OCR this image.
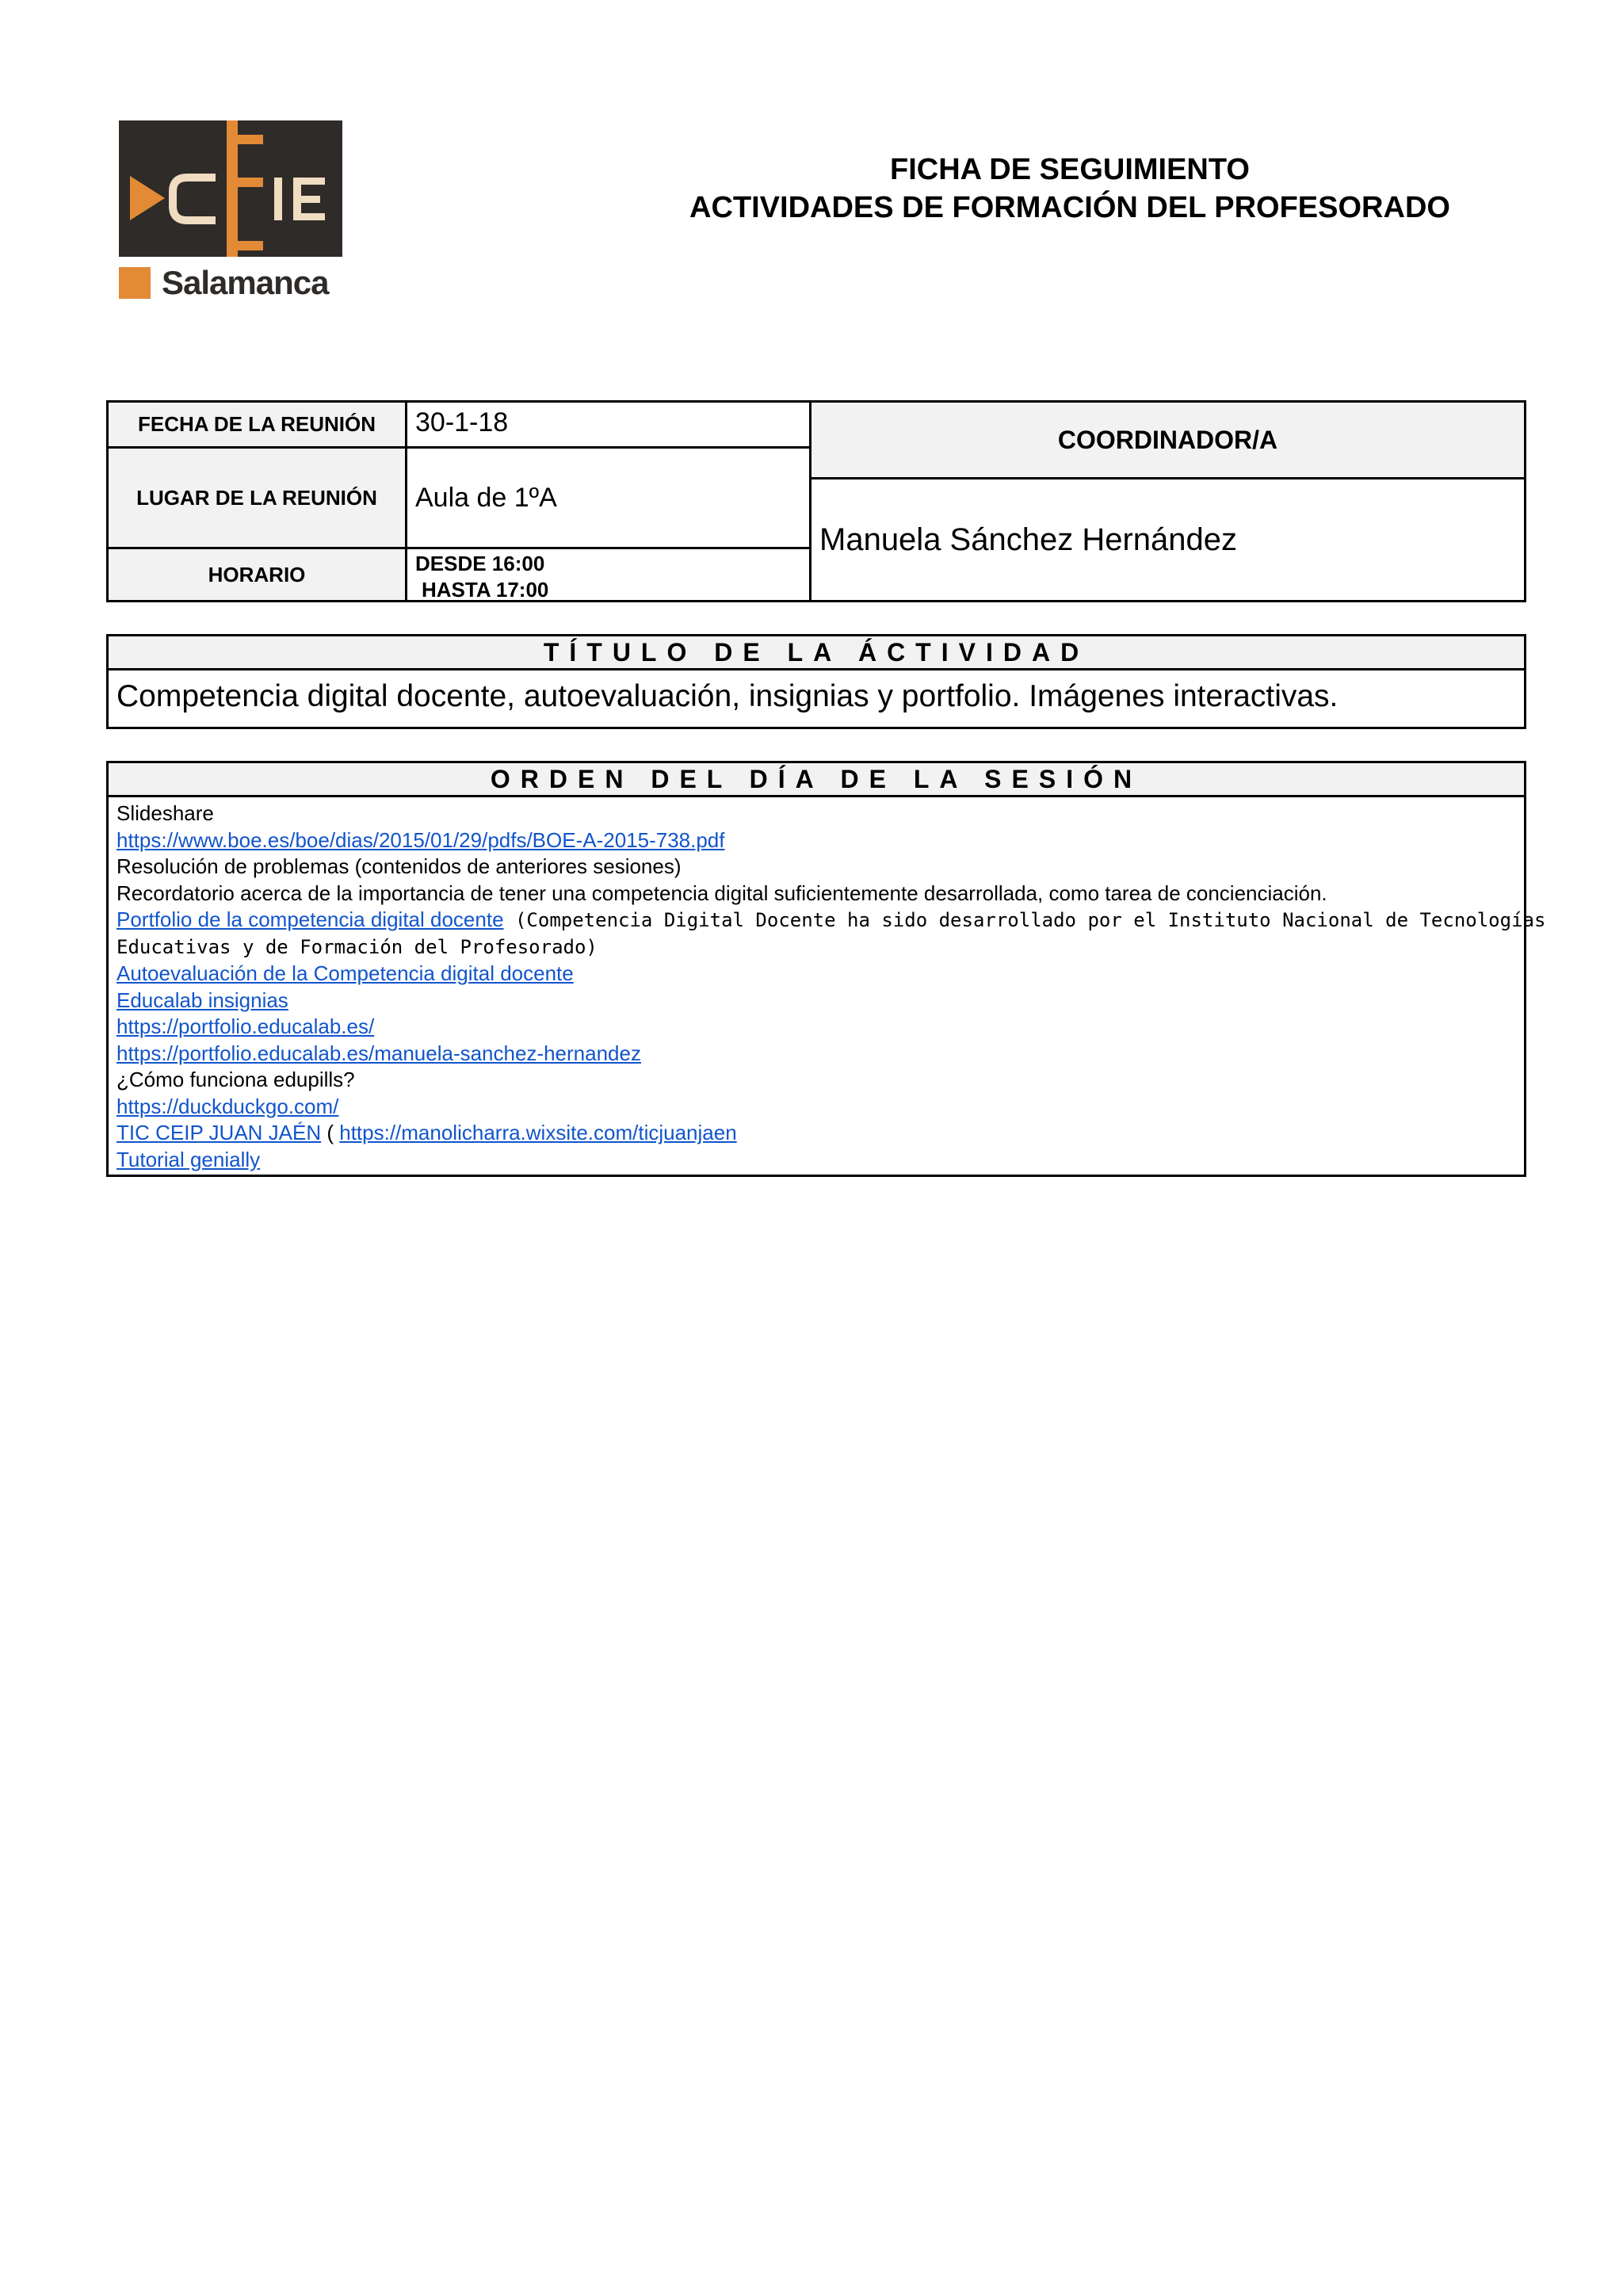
Salamanca
FICHA DE SEGUIMIENTO
ACTIVIDADES DE FORMACIÓN DEL PROFESORADO
FECHA DE LA REUNIÓN	30-1-18
LUGAR DE LA REUNIÓN	Aula de 1ºA
HORARIO	DESDE 16:00
HASTA 17:00
COORDINADOR/A
Manuela Sánchez Hernández
TÍTULO DE LA ÁCTIVIDAD
Competencia digital docente, autoevaluación, insignias y portfolio. Imágenes interactivas.
ORDEN DEL DÍA DE LA SESIÓN
Slideshare
https://www.boe.es/boe/dias/2015/01/29/pdfs/BOE-A-2015-738.pdf
Resolución de problemas (contenidos de anteriores sesiones)
Recordatorio acerca de la importancia de tener una competencia digital suficientemente desarrollada, como tarea de concienciación.
Portfolio de la competencia digital docente (Competencia Digital Docente ha sido desarrollado por el Instituto Nacional de Tecnologías
Educativas y de Formación del Profesorado)
Autoevaluación de la Competencia digital docente
Educalab insignias
https://portfolio.educalab.es/
https://portfolio.educalab.es/manuela-sanchez-hernandez
¿Cómo funciona edupills?
https://duckduckgo.com/
TIC CEIP JUAN JAÉN ( https://manolicharra.wixsite.com/ticjuanjaen
Tutorial genially
